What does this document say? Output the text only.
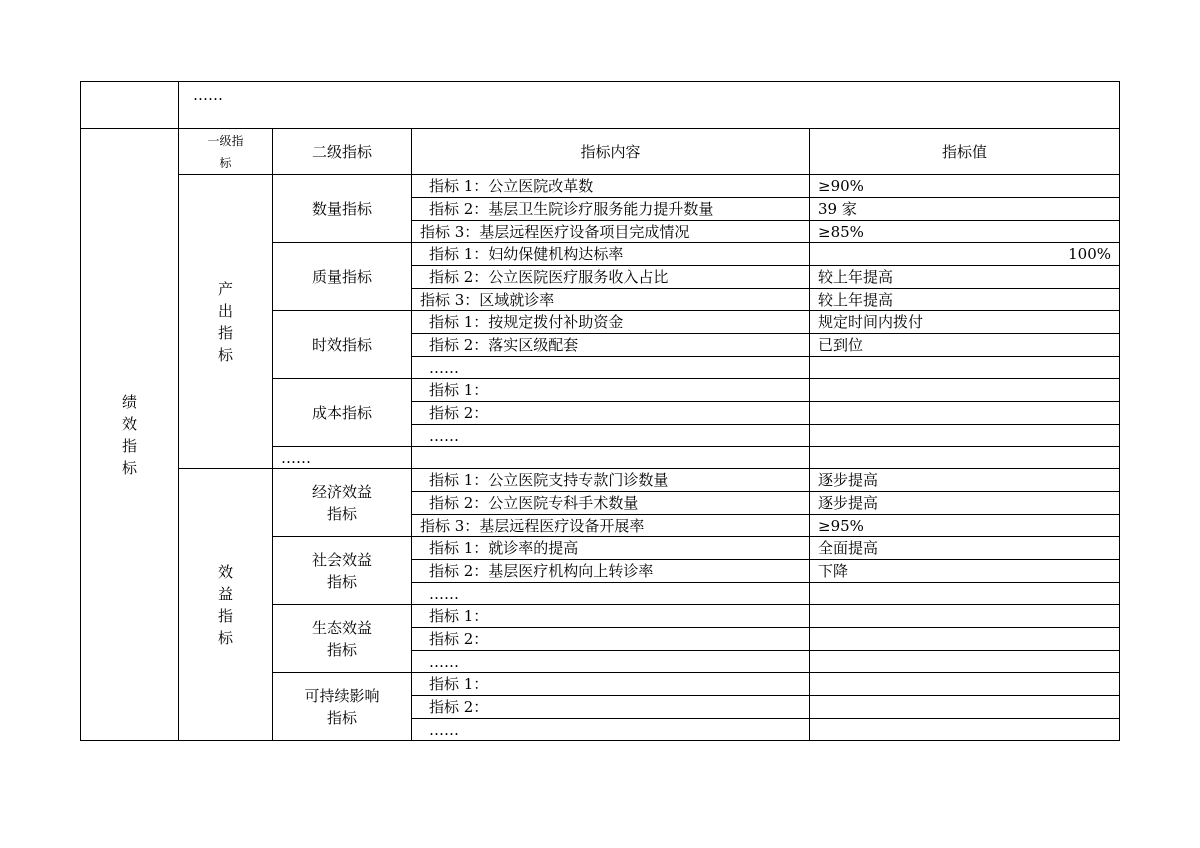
	……			
绩效指标	一级指标	二级指标	指标内容	指标值
	产出指标	数量指标	指标 1：公立医院改革数	≥90%
			指标 2：基层卫生院诊疗服务能力提升数量	39 家
			指标 3：基层远程医疗设备项目完成情况	≥85%
		质量指标	指标 1：妇幼保健机构达标率	100%
			指标 2：公立医院医疗服务收入占比	较上年提高
			指标 3：区域就诊率	较上年提高
		时效指标	指标 1：按规定拨付补助资金	规定时间内拨付
			指标 2：落实区级配套	已到位
			……	
		成本指标	指标 1：	
			指标 2：	
			……	
		……		
	效益指标	经济效益指标	指标 1：公立医院支持专款门诊数量	逐步提高
			指标 2：公立医院专科手术数量	逐步提高
			指标 3：基层远程医疗设备开展率	≥95%
		社会效益指标	指标 1：就诊率的提高	全面提高
			指标 2：基层医疗机构向上转诊率	下降
			……	
		生态效益指标	指标 1：	
			指标 2：	
			……	
		可持续影响指标	指标 1：	
			指标 2：	
			……	
